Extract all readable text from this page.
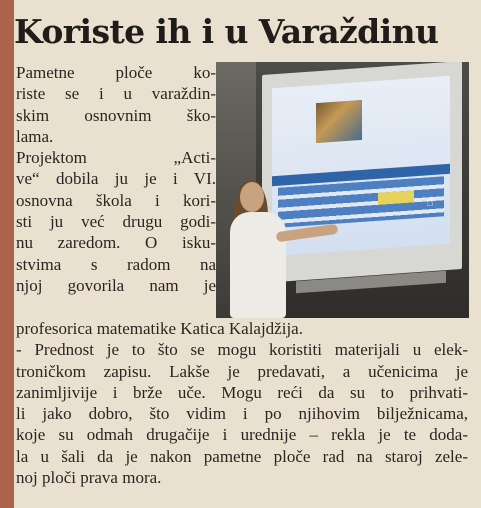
Koriste ih i u Varaždinu
Pametne ploče ko-
riste se i u varaždin-
skim osnovnim ško-
lama.
Projektom „Acti-
ve“ dobila ju je i VI.
osnovna škola i kori-
sti ju već drugu godi-
nu zaredom. O isku-
stvima s radom na
njoj govorila nam je
☝
profesorica matematike Katica Kalajdžija.
- Prednost je to što se mogu koristiti materijali u elek-
troničkom zapisu. Lakše je predavati, a učenicima je
zanimljivije i brže uče. Mogu reći da su to prihvati-
li jako dobro, što vidim i po njihovim bilježnicama,
koje su odmah drugačije i urednije – rekla je te doda-
la u šali da je nakon pametne ploče rad na staroj zele-
noj ploči prava mora.
